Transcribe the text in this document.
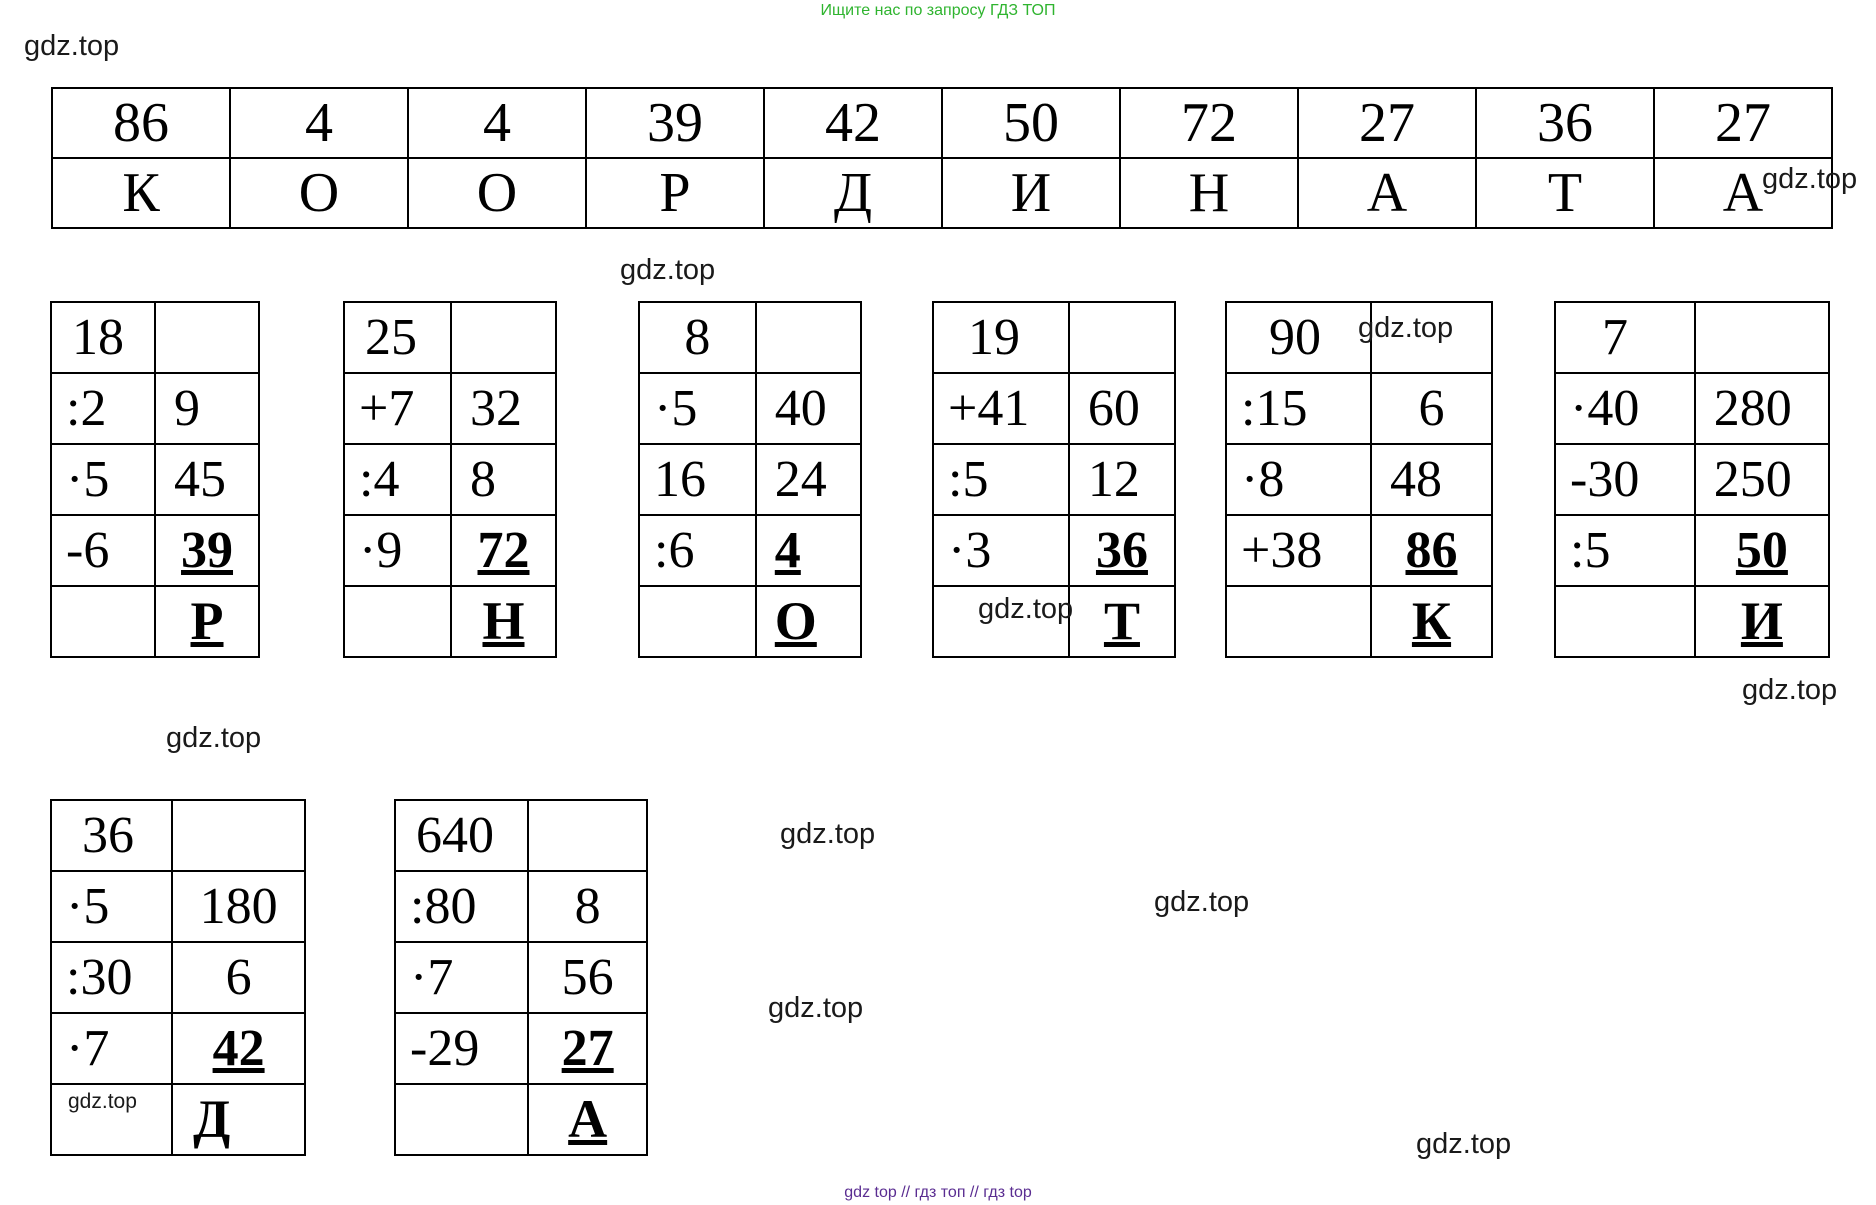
Ищите нас по запросу ГДЗ ТОП
86	4	4	39	42	50	72	27	36	27
К	О	О	Р	Д	И	Н	А	Т	А
18	
:2	9
·5	45
-6	39
	Р
25	
+7	32
:4	8
·9	72
	Н
8	
·5	40
16	24
:6	4
	О
19	
+41	60
:5	12
·3	36
	Т
90	
:15	6
·8	48
+38	86
	К
7	
·40	280
-30	250
:5	50
	И
36	
·5	180
:30	6
·7	42
	Д
640	
:80	8
·7	56
-29	27
	А
gdz.top
gdz.top
gdz.top
gdz.top
gdz.top
gdz.top
gdz.top
gdz.top
gdz.top
gdz.top
gdz.top
gdz.top
gdz top // гдз топ // гдз top
